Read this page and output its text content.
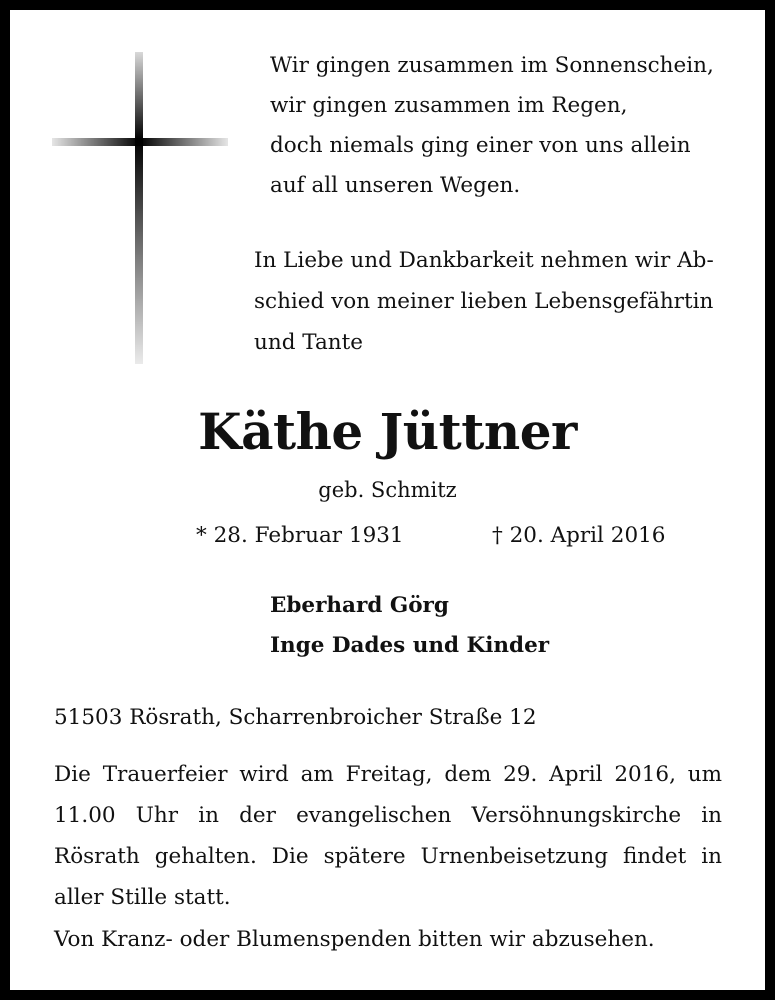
Wir gingen zusammen im Sonnenschein,
wir gingen zusammen im Regen,
doch niemals ging einer von uns allein
auf all unseren Wegen.
In Liebe und Dankbarkeit nehmen wir Ab-
schied von meiner lieben Lebensgefährtin
und Tante
Käthe Jüttner
geb. Schmitz
* 28. Februar 1931	† 20. April 2016
Eberhard Görg
Inge Dades und Kinder
51503 Rösrath, Scharrenbroicher Straße 12
Die Trauerfeier wird am Freitag, dem 29. April 2016, um 11.00 Uhr in der evangelischen Versöhnungskirche in Rösrath gehalten. Die spätere Urnenbeisetzung findet in aller Stille statt.
Von Kranz- oder Blumenspenden bitten wir abzusehen.
